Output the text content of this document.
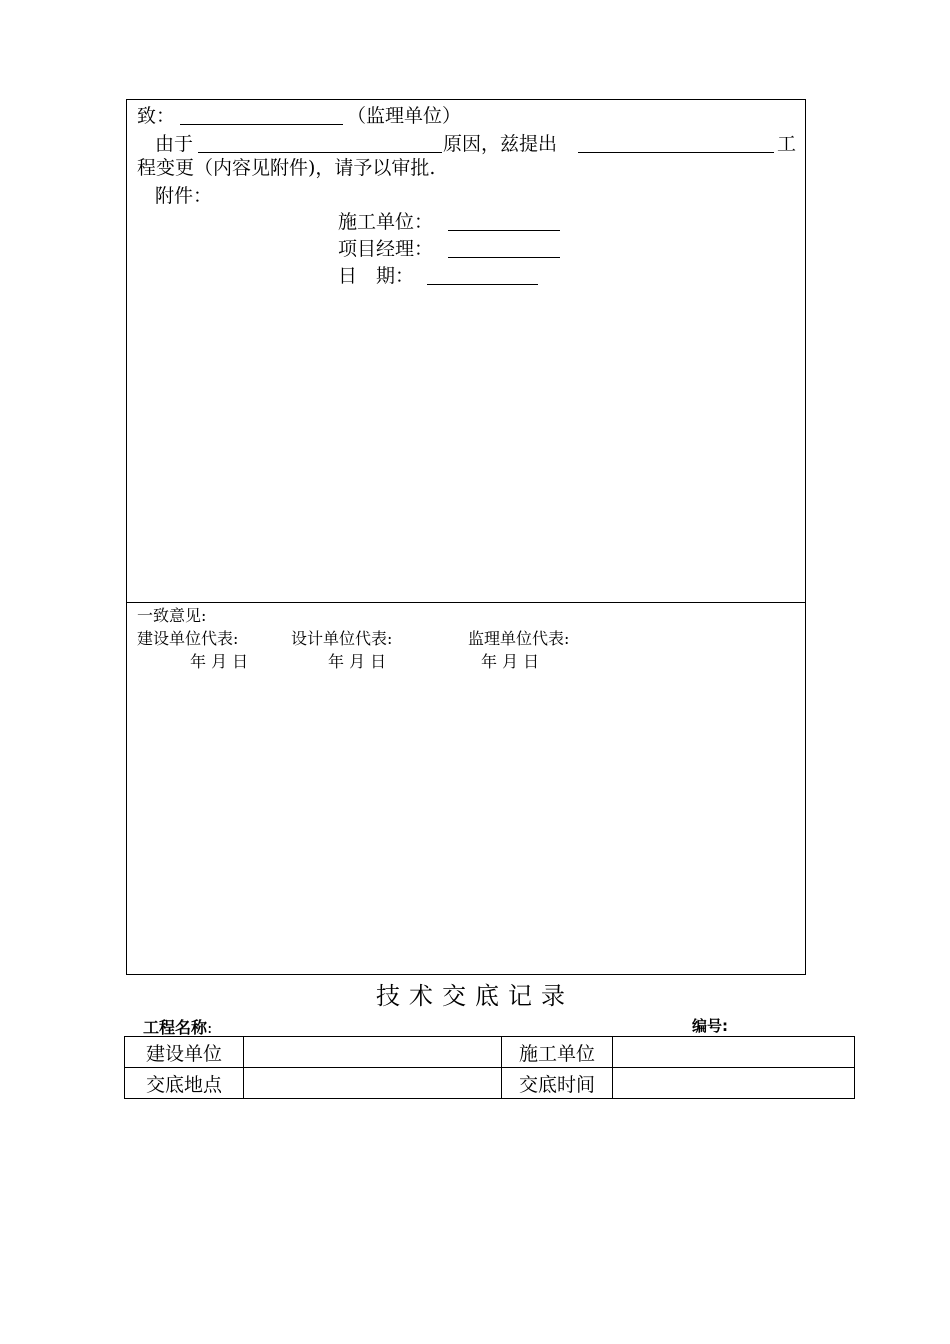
致：	（监理单位）
由于	原因，兹提出	工
程变更（内容见附件)，请予以审批.
附件：
施工单位：
项目经理：
日　期：
一致意见:
建设单位代表:	设计单位代表:	监理单位代表:
年 月 日	年 月 日	年 月 日
技术交底记录
工程名称:	编号:
建设单位		施工单位	
交底地点		交底时间	
